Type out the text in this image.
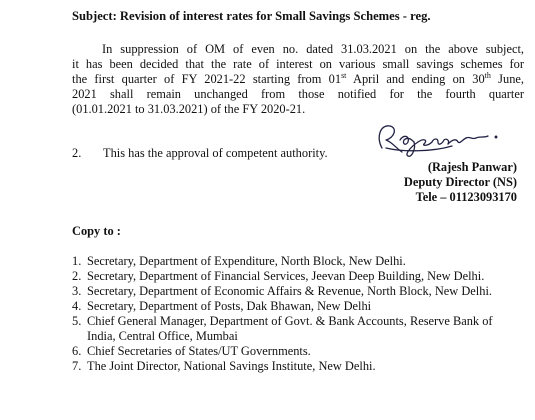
Subject: Revision of interest rates for Small Savings Schemes - reg.
In suppression of OM of even no. dated 31.03.2021 on the above subject,
it has been decided that the rate of interest on various small savings schemes for
the first quarter of FY 2021-22 starting from 01st April and ending on 30th June,
2021 shall remain unchanged from those notified for the fourth quarter
(01.01.2021 to 31.03.2021) of the FY 2020-21.
2. This has the approval of competent authority.
(Rajesh Panwar)
Deputy Director (NS)
Tele – 01123093170
Copy to :
1. Secretary, Department of Expenditure, North Block, New Delhi.
2. Secretary, Department of Financial Services, Jeevan Deep Building, New Delhi.
3. Secretary, Department of Economic Affairs & Revenue, North Block, New Delhi.
4. Secretary, Department of Posts, Dak Bhawan, New Delhi
5. Chief General Manager, Department of Govt. & Bank Accounts, Reserve Bank of India, Central Office, Mumbai
6. Chief Secretaries of States/UT Governments.
7. The Joint Director, National Savings Institute, New Delhi.
